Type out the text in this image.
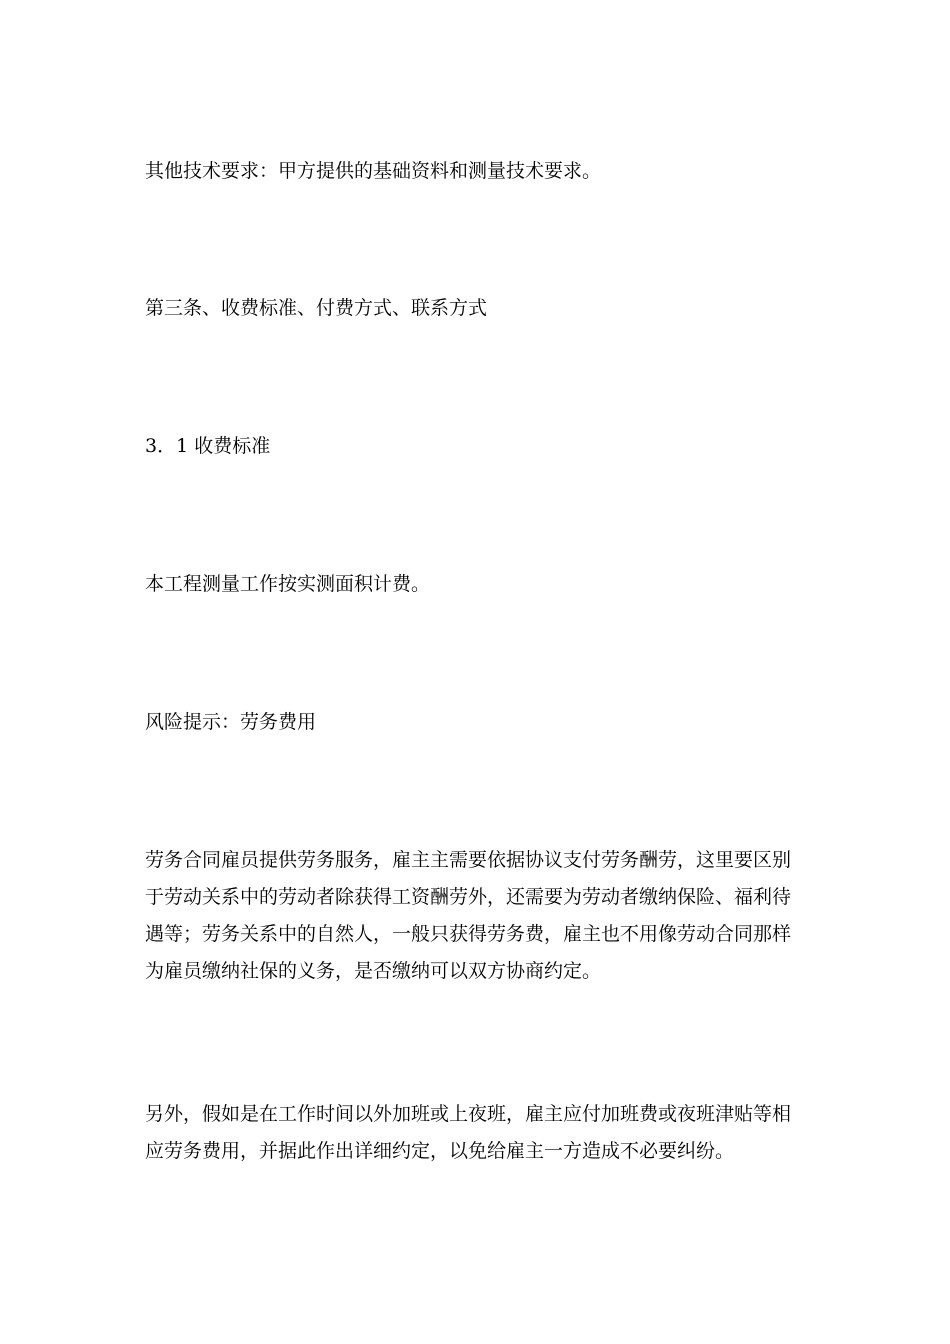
其他技术要求：甲方提供的基础资料和测量技术要求。

第三条、收费标准、付费方式、联系方式

3．1 收费标准

本工程测量工作按实测面积计费。

风险提示：劳务费用

劳务合同雇员提供劳务服务，雇主主需要依据协议支付劳务酬劳，这里要区别
于劳动关系中的劳动者除获得工资酬劳外，还需要为劳动者缴纳保险、福利待
遇等；劳务关系中的自然人，一般只获得劳务费，雇主也不用像劳动合同那样
为雇员缴纳社保的义务，是否缴纳可以双方协商约定。

另外，假如是在工作时间以外加班或上夜班，雇主应付加班费或夜班津贴等相
应劳务费用，并据此作出详细约定，以免给雇主一方造成不必要纠纷。
